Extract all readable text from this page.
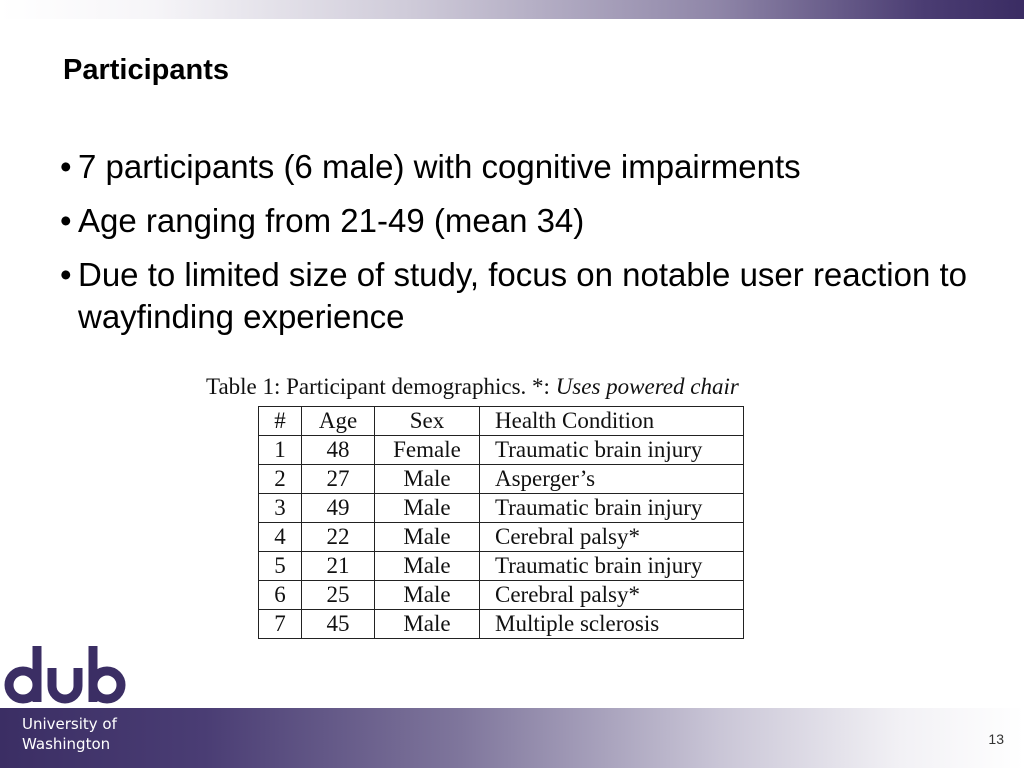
Participants
• 7 participants (6 male) with cognitive impairments
• Age ranging from 21-49 (mean 34)
• Due to limited size of study, focus on notable user reaction to wayfinding experience
Table 1: Participant demographics. *: Uses powered chair
#	Age	Sex	Health Condition
1	48	Female	Traumatic brain injury
2	27	Male	Asperger’s
3	49	Male	Traumatic brain injury
4	22	Male	Cerebral palsy*
5	21	Male	Traumatic brain injury
6	25	Male	Cerebral palsy*
7	45	Male	Multiple sclerosis
University of
Washington	13
